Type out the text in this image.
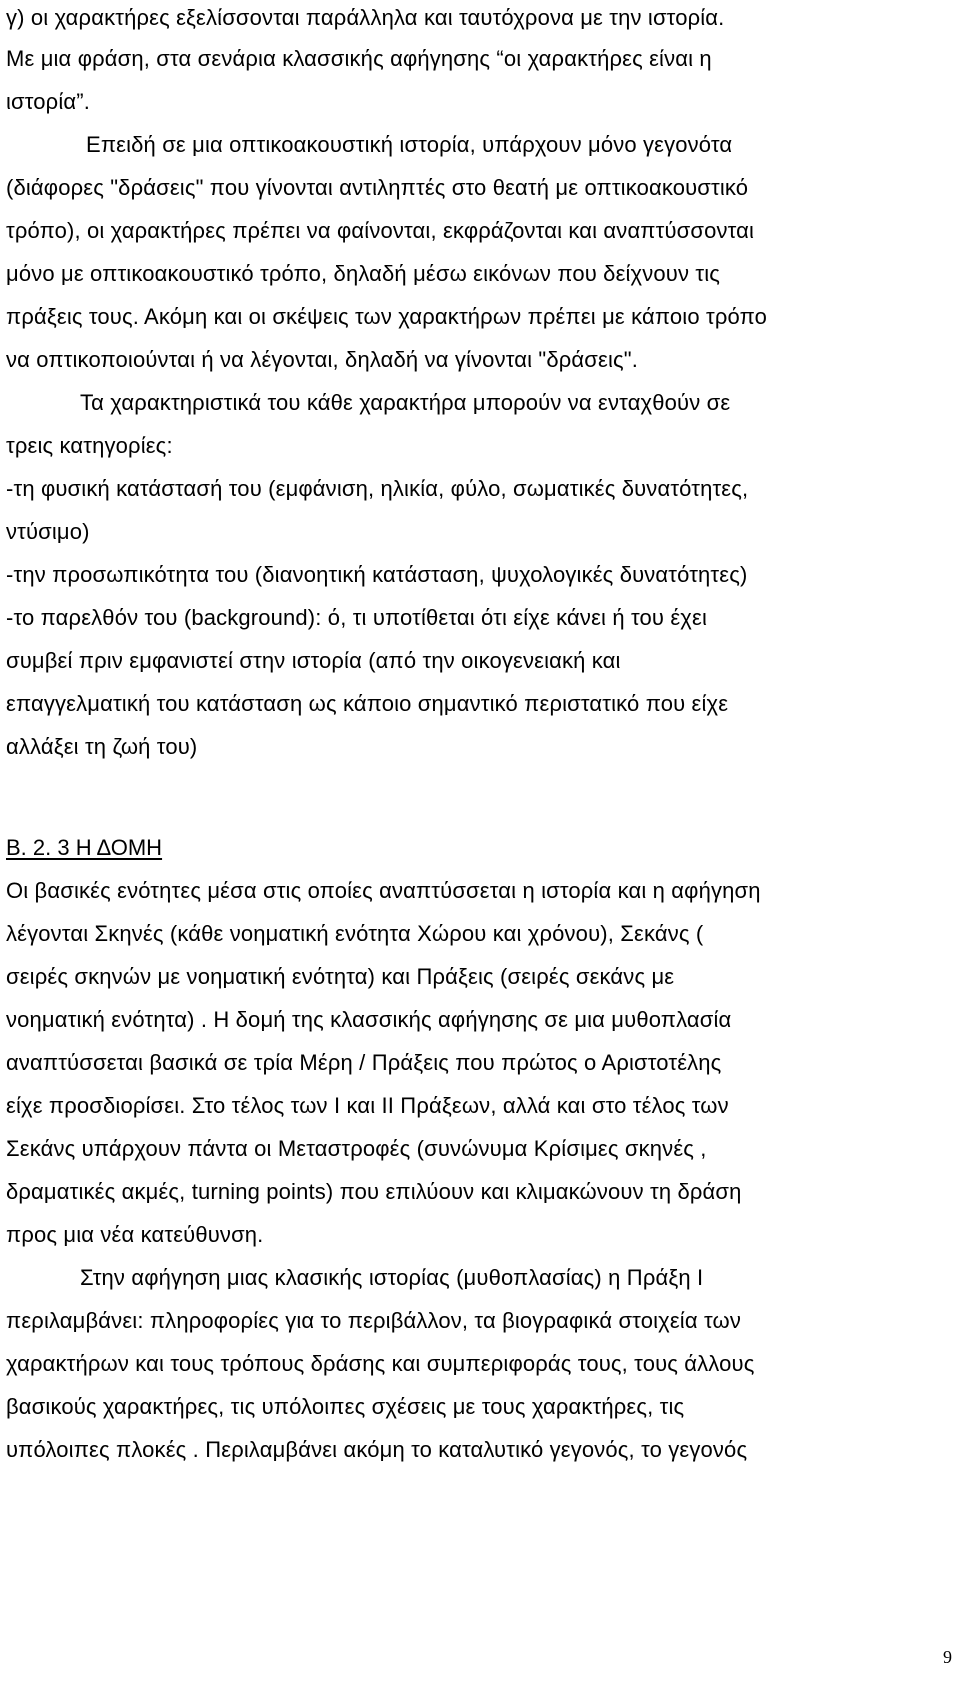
γ) οι χαρακτήρες εξελίσσονται παράλληλα και ταυτόχρονα με την ιστορία.
Με μια φράση, στα σενάρια κλασσικής αφήγησης “οι χαρακτήρες είναι η
ιστορία”.
Επειδή σε μια οπτικοακουστική ιστορία, υπάρχουν μόνο γεγονότα
(διάφορες "δράσεις" που γίνονται αντιληπτές στο θεατή με οπτικοακουστικό
τρόπο), οι χαρακτήρες πρέπει να φαίνονται, εκφράζονται και αναπτύσσονται
μόνο με οπτικοακουστικό τρόπο, δηλαδή μέσω εικόνων που δείχνουν τις
πράξεις τους. Ακόμη και οι σκέψεις των χαρακτήρων πρέπει με κάποιο τρόπο
να οπτικοποιούνται ή να λέγονται, δηλαδή να γίνονται "δράσεις".
Τα χαρακτηριστικά του κάθε χαρακτήρα μπορούν να ενταχθούν σε
τρεις κατηγορίες:
-τη φυσική κατάστασή του (εμφάνιση, ηλικία, φύλο, σωματικές δυνατότητες,
ντύσιμο)
-την προσωπικότητα του (διανοητική κατάσταση, ψυχολογικές δυνατότητες)
-το παρελθόν του (background): ό, τι υποτίθεται ότι είχε κάνει ή του έχει
συμβεί πριν εμφανιστεί στην ιστορία (από την οικογενειακή και
επαγγελματική του κατάσταση ως κάποιο σημαντικό περιστατικό που είχε
αλλάξει τη ζωή του)
Β. 2. 3 Η ΔΟΜΗ
Οι βασικές ενότητες μέσα στις οποίες αναπτύσσεται η ιστορία και η αφήγηση
λέγονται Σκηνές (κάθε νοηματική ενότητα Χώρου και χρόνου), Σεκάνς (
σειρές σκηνών με νοηματική ενότητα) και Πράξεις (σειρές σεκάνς με
νοηματική ενότητα) . Η δομή της κλασσικής αφήγησης σε μια μυθοπλασία
αναπτύσσεται βασικά σε τρία Μέρη / Πράξεις που πρώτος ο Αριστοτέλης
είχε προσδιορίσει. Στο τέλος των Ι και ΙΙ Πράξεων, αλλά και στο τέλος των
Σεκάνς υπάρχουν πάντα οι Μεταστροφές (συνώνυμα Κρίσιμες σκηνές ,
δραματικές ακμές, turning points) που επιλύουν και κλιμακώνουν τη δράση
προς μια νέα κατεύθυνση.
Στην αφήγηση μιας κλασικής ιστορίας (μυθοπλασίας) η Πράξη Ι
περιλαμβάνει: πληροφορίες για το περιβάλλον, τα βιογραφικά στοιχεία των
χαρακτήρων και τους τρόπους δράσης και συμπεριφοράς τους, τους άλλους
βασικούς χαρακτήρες, τις υπόλοιπες σχέσεις με τους χαρακτήρες, τις
υπόλοιπες πλοκές . Περιλαμβάνει ακόμη το καταλυτικό γεγονός, το γεγονός
9
